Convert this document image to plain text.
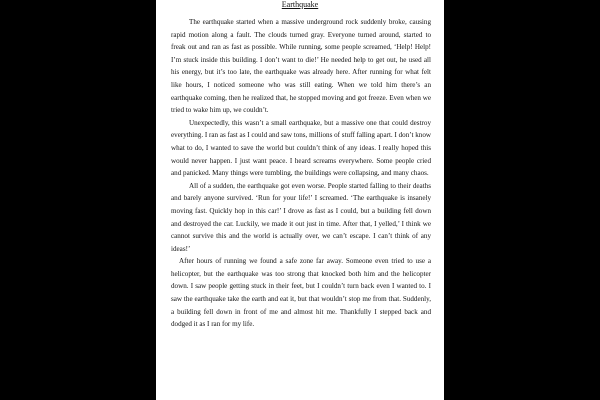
Earthquake

The earthquake started when a massive underground rock suddenly broke, causing rapid motion along a fault. The clouds turned gray. Everyone turned around, started to freak out and ran as fast as possible. While running, some people screamed, ‘Help! Help! I’m stuck inside this building. I don’t want to die!’ He needed help to get out, he used all his energy, but it’s too late, the earthquake was already here. After running for what felt like hours, I noticed someone who was still eating. When we told him there’s an earthquake coming, then he realized that, he stopped moving and got freeze. Even when we tried to wake him up, we couldn’t.

Unexpectedly, this wasn’t a small earthquake, but a massive one that could destroy everything. I ran as fast as I could and saw tons, millions of stuff falling apart. I don’t know what to do, I wanted to save the world but couldn’t think of any ideas. I really hoped this would never happen. I just want peace. I heard screams everywhere. Some people cried and panicked. Many things were tumbling, the buildings were collapsing, and many chaos.

All of a sudden, the earthquake got even worse. People started falling to their deaths and barely anyone survived. ‘Run for your life!’ I screamed. ‘The earthquake is insanely moving fast. Quickly hop in this car!’ I drove as fast as I could, but a building fell down and destroyed the car. Luckily, we made it out just in time. After that, I yelled,’ I think we cannot survive this and the world is actually over, we can’t escape. I can’t think of any ideas!’

After hours of running we found a safe zone far away. Someone even tried to use a helicopter, but the earthquake was too strong that knocked both him and the helicopter down. I saw people getting stuck in their feet, but I couldn’t turn back even I wanted to. I saw the earthquake take the earth and eat it, but that wouldn’t stop me from that. Suddenly, a building fell down in front of me and almost hit me. Thankfully I stepped back and dodged it as I ran for my life.
